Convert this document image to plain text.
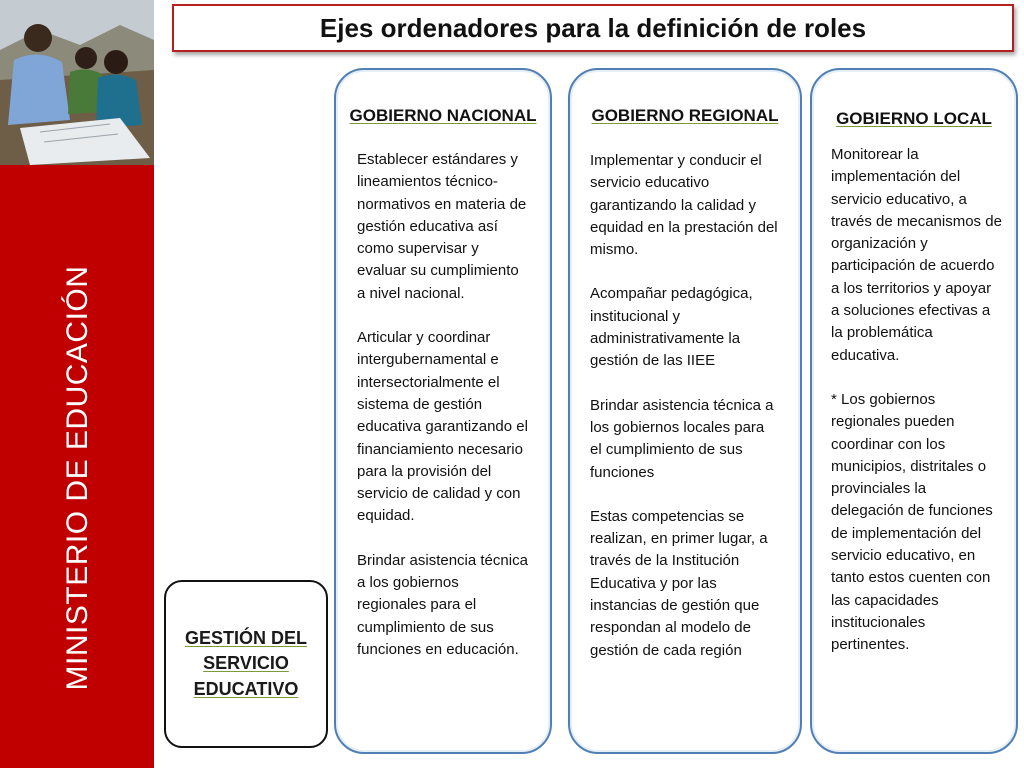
MINISTERIO DE EDUCACIÓN
Ejes ordenadores para la definición de roles
GESTIÓN DEL SERVICIO EDUCATIVO
GOBIERNO NACIONAL

Establecer estándares y lineamientos técnico-normativos en materia de gestión educativa así como supervisar y evaluar su cumplimiento a nivel nacional.

Articular y coordinar intergubernamental e intersectorialmente el sistema de gestión educativa garantizando el financiamiento necesario para la provisión del servicio de calidad y con equidad.

Brindar asistencia técnica a los gobiernos regionales para el cumplimiento de sus funciones en educación.

GOBIERNO REGIONAL

Implementar y conducir el servicio educativo garantizando la calidad y equidad en la prestación del mismo.

Acompañar pedagógica, institucional y administrativamente la gestión de las IIEE

Brindar asistencia técnica a los gobiernos locales para el cumplimiento de sus funciones

Estas competencias se realizan, en primer lugar, a través de la Institución Educativa y por las instancias de gestión que respondan al modelo de gestión de cada región

GOBIERNO LOCAL

Monitorear la implementación del servicio educativo, a través de mecanismos de organización y participación de acuerdo a los territorios y apoyar a soluciones efectivas a la problemática educativa.

* Los gobiernos regionales pueden coordinar con los municipios, distritales o provinciales la delegación de funciones de implementación del servicio educativo, en tanto estos cuenten con las capacidades institucionales pertinentes.
